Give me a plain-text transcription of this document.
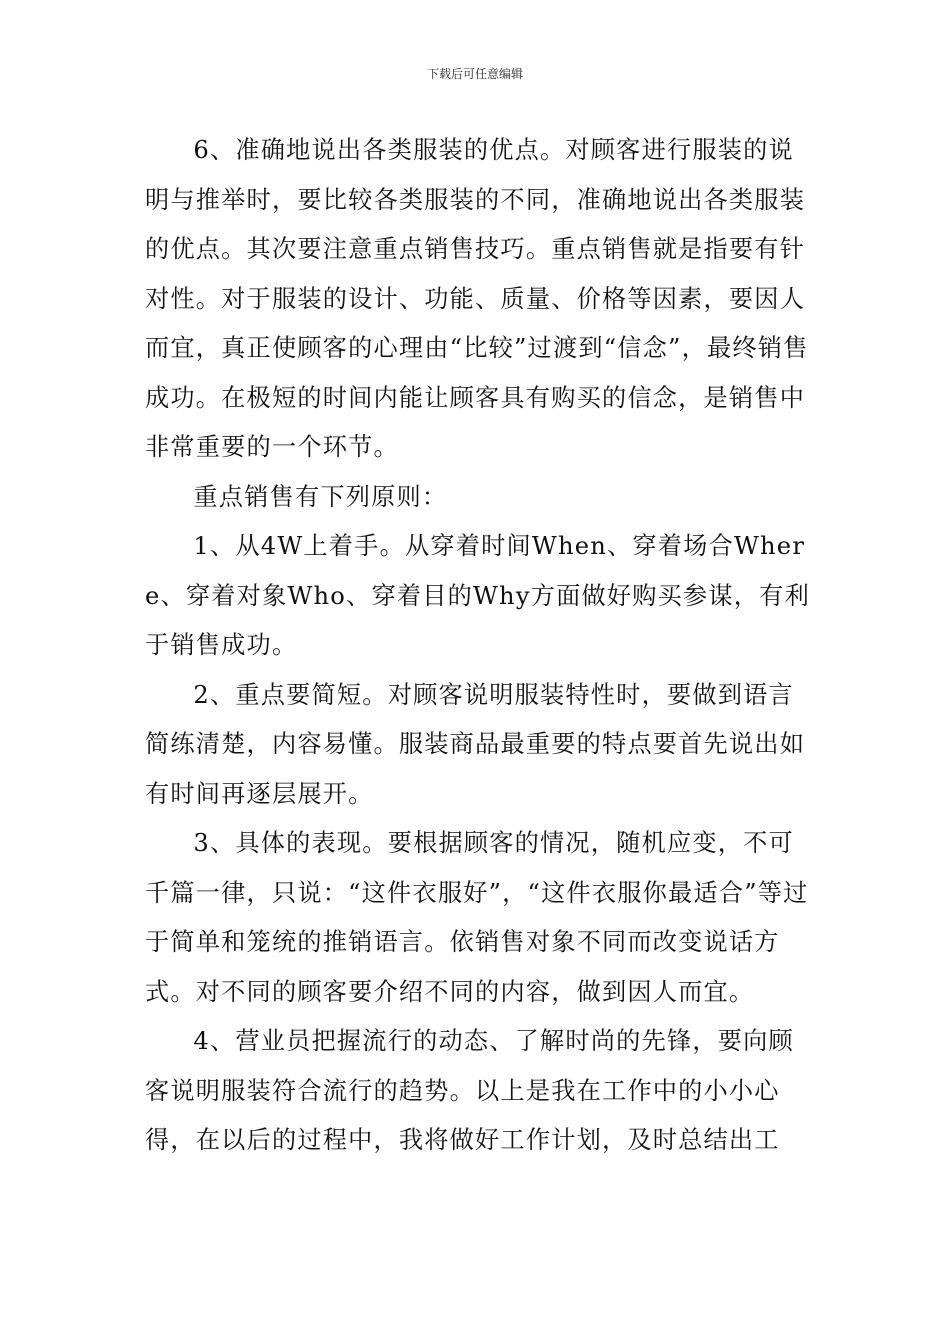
下载后可任意编辑

6、准确地说出各类服装的优点。对顾客进行服装的说明与推举时，要比较各类服装的不同，准确地说出各类服装的优点。其次要注意重点销售技巧。重点销售就是指要有针对性。对于服装的设计、功能、质量、价格等因素，要因人而宜，真正使顾客的心理由“比较”过渡到“信念”，最终销售成功。在极短的时间内能让顾客具有购买的信念，是销售中非常重要的一个环节。

重点销售有下列原则：

1、从4W上着手。从穿着时间When、穿着场合Where、穿着对象Who、穿着目的Why方面做好购买参谋，有利于销售成功。

2、重点要简短。对顾客说明服装特性时，要做到语言简练清楚，内容易懂。服装商品最重要的特点要首先说出如有时间再逐层展开。

3、具体的表现。要根据顾客的情况，随机应变，不可千篇一律，只说：“这件衣服好”，“这件衣服你最适合”等过于简单和笼统的推销语言。依销售对象不同而改变说话方式。对不同的顾客要介绍不同的内容，做到因人而宜。

4、营业员把握流行的动态、了解时尚的先锋，要向顾客说明服装符合流行的趋势。以上是我在工作中的小小心得，在以后的过程中，我将做好工作计划，及时总结出工
